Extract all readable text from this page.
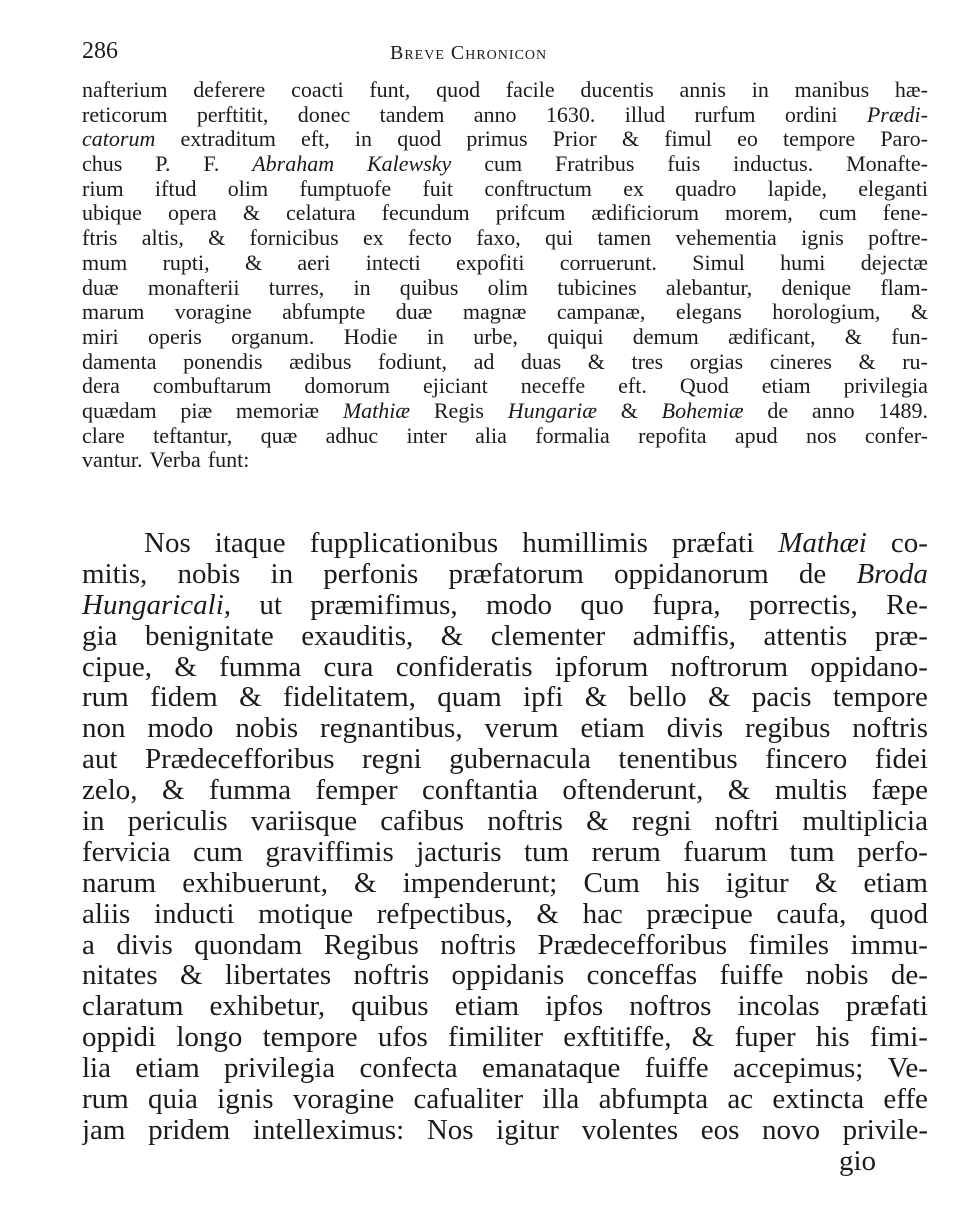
286	Breve Chronicon
nafterium deferere coacti funt, quod facile ducentis annis in manibus hæ-
reticorum perftitit, donec tandem anno 1630. illud rurfum ordini Prædi-
catorum extraditum eft, in quod primus Prior & fimul eo tempore Paro-
chus P. F. Abraham Kalewsky cum Fratribus fuis inductus. Monafte-
rium iftud olim fumptuofe fuit conftructum ex quadro lapide, eleganti
ubique opera & celatura fecundum prifcum ædificiorum morem, cum fene-
ftris altis, & fornicibus ex fecto faxo, qui tamen vehementia ignis poftre-
mum rupti, & aeri intecti expofiti corruerunt. Simul humi dejectæ
duæ monafterii turres, in quibus olim tubicines alebantur, denique flam-
marum voragine abfumpte duæ magnæ campanæ, elegans horologium, &
miri operis organum. Hodie in urbe, quiqui demum ædificant, & fun-
damenta ponendis ædibus fodiunt, ad duas & tres orgias cineres & ru-
dera combuftarum domorum ejiciant neceffe eft. Quod etiam privilegia
quædam piæ memoriæ Mathiæ Regis Hungariæ & Bohemiæ de anno 1489.
clare teftantur, quæ adhuc inter alia formalia repofita apud nos confer-
vantur. Verba funt:
Nos itaque fupplicationibus humillimis præfati Mathæi co-
mitis, nobis in perfonis præfatorum oppidanorum de Broda
Hungaricali, ut præmifimus, modo quo fupra, porrectis, Re-
gia benignitate exauditis, & clementer admiffis, attentis præ-
cipue, & fumma cura confideratis ipforum noftrorum oppidano-
rum fidem & fidelitatem, quam ipfi & bello & pacis tempore
non modo nobis regnantibus, verum etiam divis regibus noftris
aut Prædecefforibus regni gubernacula tenentibus fincero fidei
zelo, & fumma femper conftantia oftenderunt, & multis fæpe
in periculis variisque cafibus noftris & regni noftri multiplicia
fervicia cum graviffimis jacturis tum rerum fuarum tum perfo-
narum exhibuerunt, & impenderunt; Cum his igitur & etiam
aliis inducti motique refpectibus, & hac præcipue caufa, quod
a divis quondam Regibus noftris Prædecefforibus fimiles immu-
nitates & libertates noftris oppidanis conceffas fuiffe nobis de-
claratum exhibetur, quibus etiam ipfos noftros incolas præfati
oppidi longo tempore ufos fimiliter exftitiffe, & fuper his fimi-
lia etiam privilegia confecta emanataque fuiffe accepimus; Ve-
rum quia ignis voragine cafualiter illa abfumpta ac extincta effe
jam pridem intelleximus: Nos igitur volentes eos novo privile-
gio
